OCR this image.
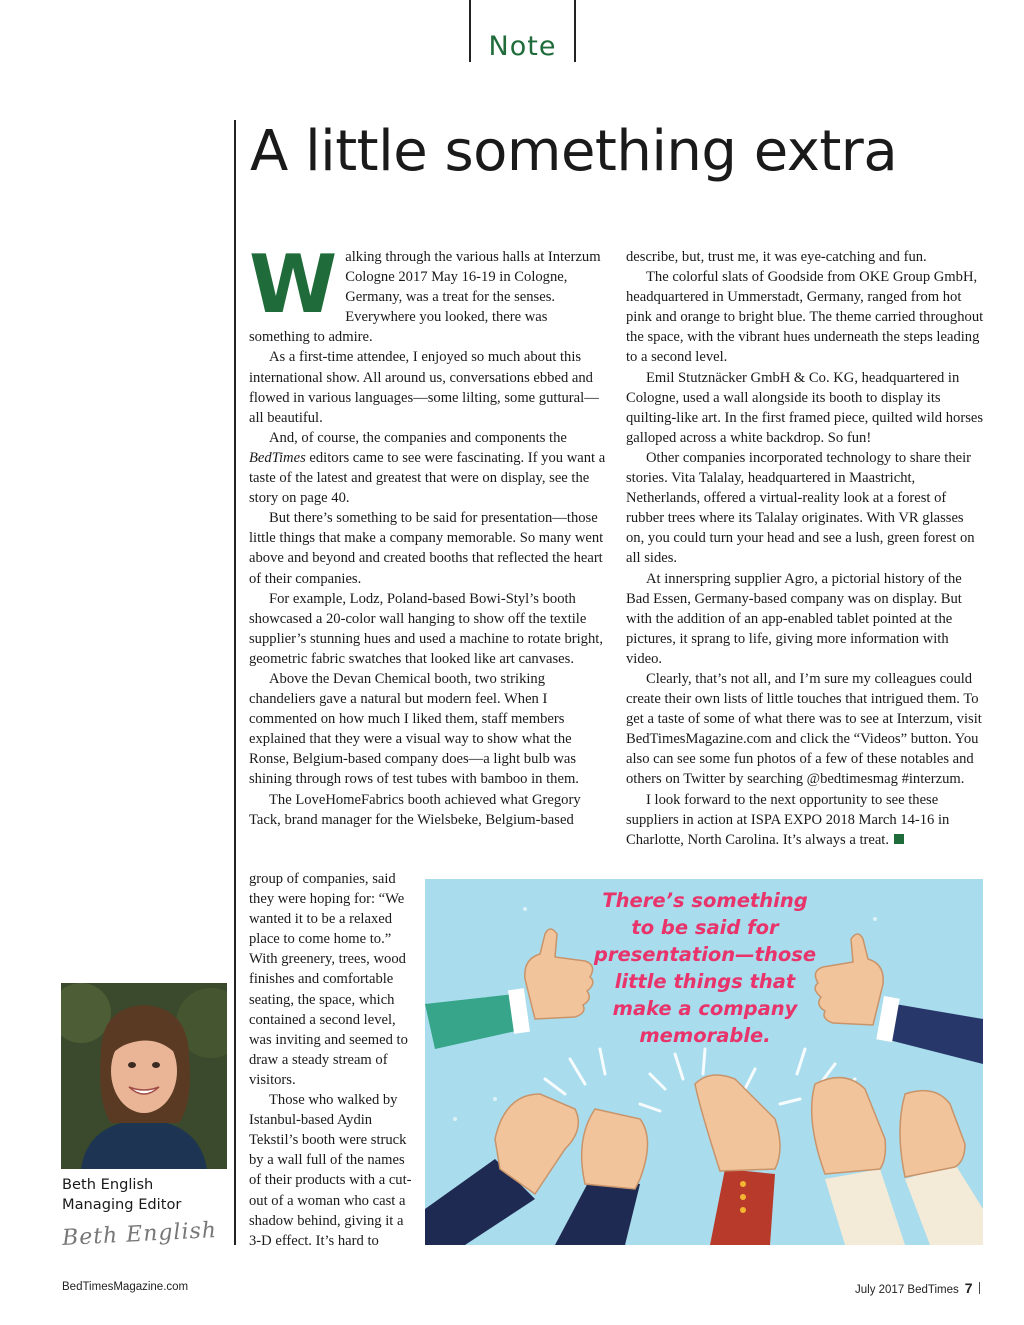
Note
A little something extra

Walking through the various halls at Interzum Cologne 2017 May 16-19 in Cologne, Germany, was a treat for the senses. Everywhere you looked, there was something to admire.

As a first-time attendee, I enjoyed so much about this international show. All around us, conversations ebbed and flowed in various languages—some lilting, some guttural—all beautiful.

And, of course, the companies and components the BedTimes editors came to see were fascinating. If you want a taste of the latest and greatest that were on display, see the story on page 40.

But there’s something to be said for presentation—those little things that make a company memorable. So many went above and beyond and created booths that reflected the heart of their companies.

For example, Lodz, Poland-based Bowi-Styl’s booth showcased a 20-color wall hanging to show off the textile supplier’s stunning hues and used a machine to rotate bright, geometric fabric swatches that looked like art canvases.

Above the Devan Chemical booth, two striking chandeliers gave a natural but modern feel. When I commented on how much I liked them, staff members explained that they were a visual way to show what the Ronse, Belgium-based company does—a light bulb was shining through rows of test tubes with bamboo in them.

The LoveHomeFabrics booth achieved what Gregory Tack, brand manager for the Wielsbeke, Belgium-based

group of companies, said they were hoping for: “We wanted it to be a relaxed place to come home to.” With greenery, trees, wood finishes and comfortable seating, the space, which contained a second level, was inviting and seemed to draw a steady stream of visitors.

Those who walked by Istanbul-based Aydin Tekstil’s booth were struck by a wall full of the names of their products with a cut-out of a woman who cast a shadow behind, giving it a 3-D effect. It’s hard to

describe, but, trust me, it was eye-catching and fun.

The colorful slats of Goodside from OKE Group GmbH, headquartered in Ummerstadt, Germany, ranged from hot pink and orange to bright blue. The theme carried throughout the space, with the vibrant hues underneath the steps leading to a second level.

Emil Stutznäcker GmbH & Co. KG, headquartered in Cologne, used a wall alongside its booth to display its quilting-like art. In the first framed piece, quilted wild horses galloped across a white backdrop. So fun!

Other companies incorporated technology to share their stories. Vita Talalay, headquartered in Maastricht, Netherlands, offered a virtual-reality look at a forest of rubber trees where its Talalay originates. With VR glasses on, you could turn your head and see a lush, green forest on all sides.

At innerspring supplier Agro, a pictorial history of the Bad Essen, Germany-based company was on display. But with the addition of an app-enabled tablet pointed at the pictures, it sprang to life, giving more information with video.

Clearly, that’s not all, and I’m sure my colleagues could create their own lists of little touches that intrigued them. To get a taste of some of what there was to see at Interzum, visit BedTimesMagazine.com and click the “Videos” button. You also can see some fun photos of a few of these notables and others on Twitter by searching @bedtimesmag #interzum.

I look forward to the next opportunity to see these suppliers in action at ISPA EXPO 2018 March 14-16 in Charlotte, North Carolina. It’s always a treat.

There’s something to be said for presentation—those little things that make a company memorable.
Beth English
Managing Editor
Beth English
BedTimesMagazine.com	July 2017 BedTimes 7
